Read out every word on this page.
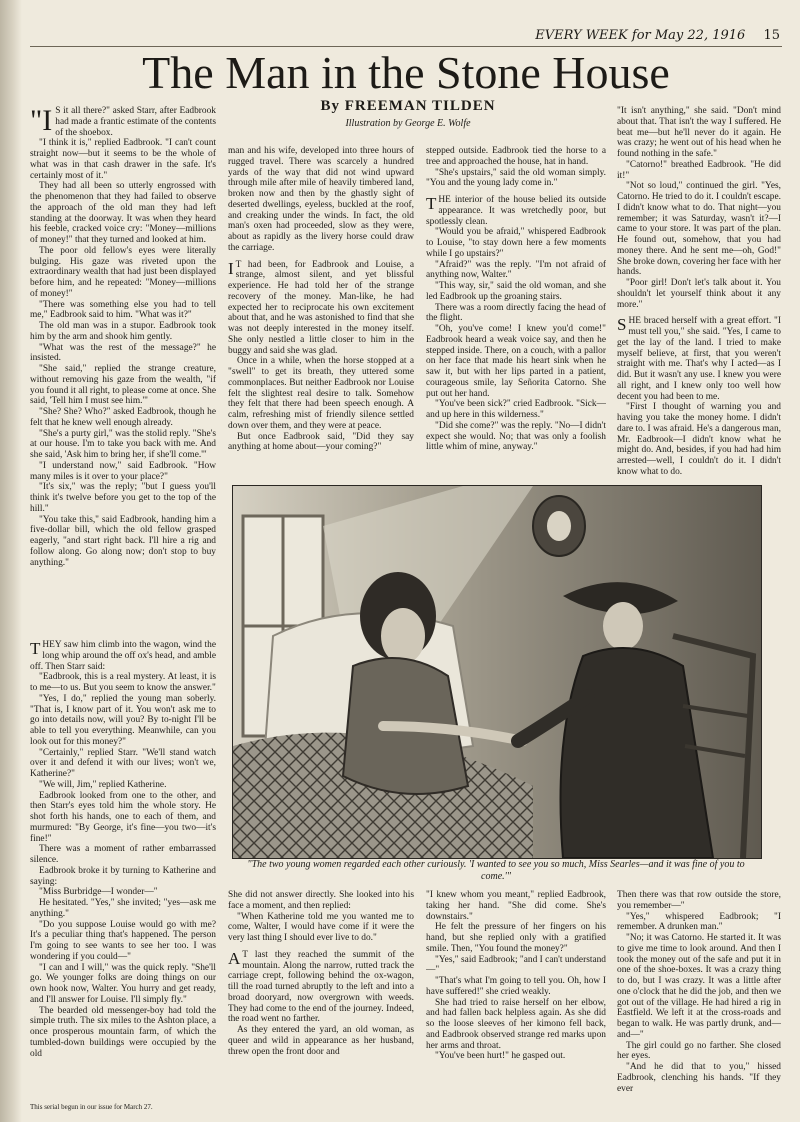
EVERY WEEK for May 22, 1916 15
The Man in the Stone House
By FREEMAN TILDEN
Illustration by George E. Wolfe
"I S it all there?" asked Starr, after Eadbrook had made a frantic estimate of the contents of the shoebox.

"I think it is," replied Eadbrook. "I can't count straight now—but it seems to be the whole of what was in that cash drawer in the safe. It's certainly most of it."

They had all been so utterly engrossed with the phenomenon that they had failed to observe the approach of the old man they had left standing at the doorway. It was when they heard his feeble, cracked voice cry: "Money—millions of money!" that they turned and looked at him.

The poor old fellow's eyes were literally bulging. His gaze was riveted upon the extraordinary wealth that had just been displayed before him, and he repeated: "Money—millions of money!"

"There was something else you had to tell me," Eadbrook said to him. "What was it?"

The old man was in a stupor. Eadbrook took him by the arm and shook him gently.

"What was the rest of the message?" he insisted.

"She said," replied the strange creature, without removing his gaze from the wealth, "if you found it all right, to please come at once. She said, 'Tell him I must see him.'"

"She? She? Who?" asked Eadbrook, though he felt that he knew well enough already.

"She's a purty girl," was the stolid reply. "She's at our house. I'm to take you back with me. And she said, 'Ask him to bring her, if she'll come.'"

"I understand now," said Eadbrook. "How many miles is it over to your place?"

"It's six," was the reply; "but I guess you'll think it's twelve before you get to the top of the hill."

"You take this," said Eadbrook, handing him a five-dollar bill, which the old fellow grasped eagerly, "and start right back. I'll hire a rig and follow along. Go along now; don't stop to buy anything."

T HEY saw him climb into the wagon, wind the long whip around the off ox's head, and amble off. Then Starr said:

"Eadbrook, this is a real mystery. At least, it is to me—to us. But you seem to know the answer."

"Yes, I do," replied the young man soberly. "That is, I know part of it. You won't ask me to go into details now, will you? By to-night I'll be able to tell you everything. Meanwhile, can you look out for this money?"

"Certainly," replied Starr. "We'll stand watch over it and defend it with our lives; won't we, Katherine?"

"We will, Jim," replied Katherine.

Eadbrook looked from one to the other, and then Starr's eyes told him the whole story. He shot forth his hands, one to each of them, and murmured: "By George, it's fine—you two—it's fine!"

There was a moment of rather embarrassed silence.

Eadbrook broke it by turning to Katherine and saying:

"Miss Burbridge—I wonder—"

He hesitated. "Yes," she invited; "yes—ask me anything."

"Do you suppose Louise would go with me? It's a peculiar thing that's happened. The person I'm going to see wants to see her too. I was wondering if you could—"

"I can and I will," was the quick reply. "She'll go. We younger folks are doing things on our own hook now, Walter. You hurry and get ready, and I'll answer for Louise. I'll simply fly."

The bearded old messenger-boy had told the simple truth. The six miles to the Ashton place, a once prosperous mountain farm, of which the tumbled-down buildings were occupied by the old

man and his wife, developed into three hours of rugged travel. There was scarcely a hundred yards of the way that did not wind upward through mile after mile of heavily timbered land, broken now and then by the ghastly sight of deserted dwellings, eyeless, buckled at the roof, and creaking under the winds. In fact, the old man's oxen had proceeded, slow as they were, about as rapidly as the livery horse could draw the carriage.

I T had been, for Eadbrook and Louise, a strange, almost silent, and yet blissful experience. He had told her of the strange recovery of the money. Man-like, he had expected her to reciprocate his own excitement about that, and he was astonished to find that she was not deeply interested in the money itself. She only nestled a little closer to him in the buggy and said she was glad.

Once in a while, when the horse stopped at a "swell" to get its breath, they uttered some commonplaces. But neither Eadbrook nor Louise felt the slightest real desire to talk. Somehow they felt that there had been speech enough. A calm, refreshing mist of friendly silence settled down over them, and they were at peace.

But once Eadbrook said, "Did they say anything at home about—your coming?"

stepped outside. Eadbrook tied the horse to a tree and approached the house, hat in hand.

"She's upstairs," said the old woman simply. "You and the young lady come in."

T HE interior of the house belied its outside appearance. It was wretchedly poor, but spotlessly clean.

"Would you be afraid," whispered Eadbrook to Louise, "to stay down here a few moments while I go upstairs?"

"Afraid?" was the reply. "I'm not afraid of anything now, Walter."

"This way, sir," said the old woman, and she led Eadbrook up the groaning stairs.

There was a room directly facing the head of the flight.

"Oh, you've come! I knew you'd come!" Eadbrook heard a weak voice say, and then he stepped inside. There, on a couch, with a pallor on her face that made his heart sink when he saw it, but with her lips parted in a patient, courageous smile, lay Señorita Catorno. She put out her hand.

"You've been sick?" cried Eadbrook. "Sick—and up here in this wilderness."

"Did she come?" was the reply. "No—I didn't expect she would. No; that was only a foolish little whim of mine, anyway."

"It isn't anything," she said. "Don't mind about that. That isn't the way I suffered. He beat me—but he'll never do it again. He was crazy; he went out of his head when he found nothing in the safe."

"Catorno!" breathed Eadbrook. "He did it!"

"Not so loud," continued the girl. "Yes, Catorno. He tried to do it. I couldn't escape. I didn't know what to do. That night—you remember; it was Saturday, wasn't it?—I came to your store. It was part of the plan. He found out, somehow, that you had money there. And he sent me—oh, God!" She broke down, covering her face with her hands.

"Poor girl! Don't let's talk about it. You shouldn't let yourself think about it any more."

S HE braced herself with a great effort. "I must tell you," she said. "Yes, I came to get the lay of the land. I tried to make myself believe, at first, that you weren't straight with me. That's why I acted—as I did. But it wasn't any use. I knew you were all right, and I knew only too well how decent you had been to me.

"First I thought of warning you and having you take the money home. I didn't dare to. I was afraid. He's a dangerous man, Mr. Eadbrook—I didn't know what he might do. And, besides, if you had had him arrested—well, I couldn't do it. I didn't know what to do.

"The two young women regarded each other curiously. 'I wanted to see you so much, Miss Searles—and it was fine of you to come.'"

She did not answer directly. She looked into his face a moment, and then replied:

"When Katherine told me you wanted me to come, Walter, I would have come if it were the very last thing I should ever live to do."

A T last they reached the summit of the mountain. Along the narrow, rutted track the carriage crept, following behind the ox-wagon, till the road turned abruptly to the left and into a broad dooryard, now overgrown with weeds. They had come to the end of the journey. Indeed, the road went no farther.

As they entered the yard, an old woman, as queer and wild in appearance as her husband, threw open the front door and

"I knew whom you meant," replied Eadbrook, taking her hand. "She did come. She's downstairs."

He felt the pressure of her fingers on his hand, but she replied only with a gratified smile. Then, "You found the money?"

"Yes," said Eadbrook; "and I can't understand—"

"That's what I'm going to tell you. Oh, how I have suffered!" she cried weakly.

She had tried to raise herself on her elbow, and had fallen back helpless again. As she did so the loose sleeves of her kimono fell back, and Eadbrook observed strange red marks upon her arms and throat.

"You've been hurt!" he gasped out.

Then there was that row outside the store, you remember—"

"Yes," whispered Eadbrook; "I remember. A drunken man."

"No; it was Catorno. He started it. It was to give me time to look around. And then I took the money out of the safe and put it in one of the shoe-boxes. It was a crazy thing to do, but I was crazy. It was a little after one o'clock that he did the job, and then we got out of the village. He had hired a rig in Eastfield. We left it at the cross-roads and began to walk. He was partly drunk, and—and—"

The girl could go no farther. She closed her eyes.

"And he did that to you," hissed Eadbrook, clenching his hands. "If they ever

This serial begun in our issue for March 27.
